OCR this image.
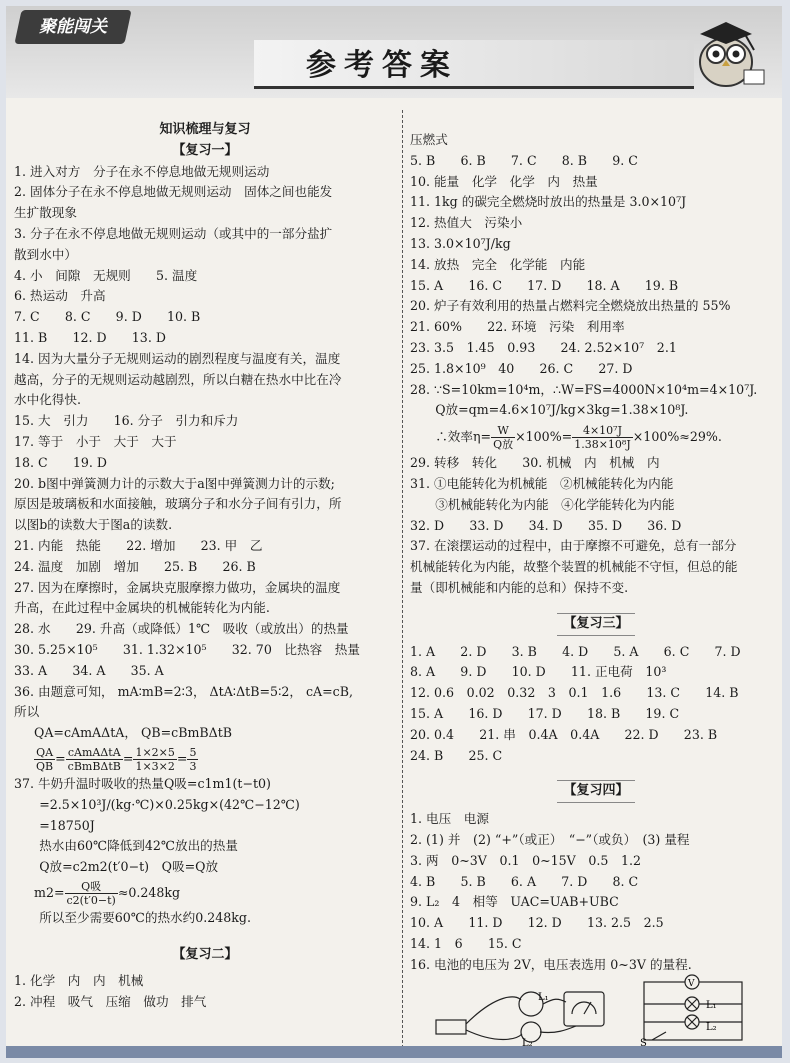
聚能闯关
参考答案

知识梳理与复习

【复习一】

1. 进入对方　分子在永不停息地做无规则运动

2. 固体分子在永不停息地做无规则运动　固体之间也能发

生扩散现象

3. 分子在永不停息地做无规则运动（或其中的一部分盐扩

散到水中）

4. 小　间隙　无规则　　5. 温度

6. 热运动　升高

7. C　　8. C　　9. D　　10. B

11. B　　12. D　　13. D

14. 因为大量分子无规则运动的剧烈程度与温度有关，温度

越高，分子的无规则运动越剧烈，所以白糖在热水中比在冷

水中化得快.

15. 大　引力　　16. 分子　引力和斥力

17. 等于　小于　大于　大于

18. C　　19. D

20. b图中弹簧测力计的示数大于a图中弹簧测力计的示数;

原因是玻璃板和水面接触，玻璃分子和水分子间有引力，所

以图b的读数大于图a的读数.

21. 内能　热能　　22. 增加　　23. 甲　乙

24. 温度　加剧　增加　　25. B　　26. B

27. 因为在摩擦时，金属块克服摩擦力做功，金属块的温度

升高，在此过程中金属块的机械能转化为内能.

28. 水　　29. 升高（或降低）1℃　吸收（或放出）的热量

30. 5.25×10⁵　　31. 1.32×10⁵　　32. 70　比热容　热量

33. A　　34. A　　35. A

36. 由题意可知， mA∶mB=2∶3， ΔtA∶ΔtB=5∶2， cA=cB,

所以

QA=cAmAΔtA， QB=cBmBΔtB

$\frac{QA}{QB} = \frac{\text{cAmAΔtA}}{\text{cBmBΔtB}} = \frac{1\times 2\times 5}{1\times 3\times 2} = \frac{5}{3}$

37. 牛奶升温时吸收的热量Q吸=c1m1(t−t0)

　　=2.5×10³J/(kg·℃)×0.25kg×(42℃−12℃)

　　=18750J

　　热水由60℃降低到42℃放出的热量

　　Q放=c2m2(t′0−t)　Q吸=Q放

$m2= \frac{\text{Q吸}}{c2(t'0-t)} \approx 0.248kg$

　　所以至少需要60℃的热水约0.248kg.

【复习二】

1. 化学　内　内　机械

2. 冲程　吸气　压缩　做功　排气

压燃式

5. B　　6. B　　7. C　　8. B　　9. C

10. 能量　化学　化学　内　热量

11. 1kg 的碳完全燃烧时放出的热量是 3.0×10⁷J

12. 热值大　污染小

13. 3.0×10⁷J/kg

14. 放热　完全　化学能　内能

15. A　　16. C　　17. D　　18. A　　19. B

20. 炉子有效利用的热量占燃料完全燃烧放出热量的 55%

21. 60%　　22. 环境　污染　利用率

23. 3.5　1.45　0.93　　24. 2.52×10⁷　2.1

25. 1.8×10⁹　40　　26. C　　27. D

28. ∵S=10km=10⁴m，∴W=FS=4000N×10⁴m=4×10⁷J.

　　Q放=qm=4.6×10⁷J/kg×3kg=1.38×10⁸J.

　　∴效率$\eta= \frac{W}{\text{Q放}} \times 100\%= \frac{\text{4×10⁷J}}{\text{1.38×10⁸J}} \times 100\%\approx 29\%$.

29. 转移　转化　　30. 机械　内　机械　内

31. ①电能转化为机械能　②机械能转化为内能

　　③机械能转化为内能　④化学能转化为内能

32. D　　33. D　　34. D　　35. D　　36. D

37. 在滚摆运动的过程中，由于摩擦不可避免，总有一部分

机械能转化为内能，故整个装置的机械能不守恒，但总的能

量（即机械能和内能的总和）保持不变.

【复习三】

1. A　　2. D　　3. B　　4. D　　5. A　　6. C　　7. D

8. A　　9. D　　10. D　　11. 正电荷　10³

12. 0.6　0.02　0.32　3　0.1　1.6　　13. C　　14. B

15. A　　16. D　　17. D　　18. B　　19. C

20. 0.4　　21. 串　0.4A　0.4A　　22. D　　23. B

24. B　　25. C

【复习四】

1. 电压　电源

2. (1) 并　(2) “+”（或正）　“−”（或负）　(3) 量程

3. 两　0~3V　0.1　0~15V　0.5　1.2

4. B　　5. B　　6. A　　7. D　　8. C

9. L₂　4　相等　UAC=UAB+UBC

10. A　　11. D　　12. D　　13. 2.5　2.5

14. 1　6　　15. C

16. 电池的电压为 2V，电压表选用 0~3V 的量程.

L₁
L₂
V
L₁
L₂
S
